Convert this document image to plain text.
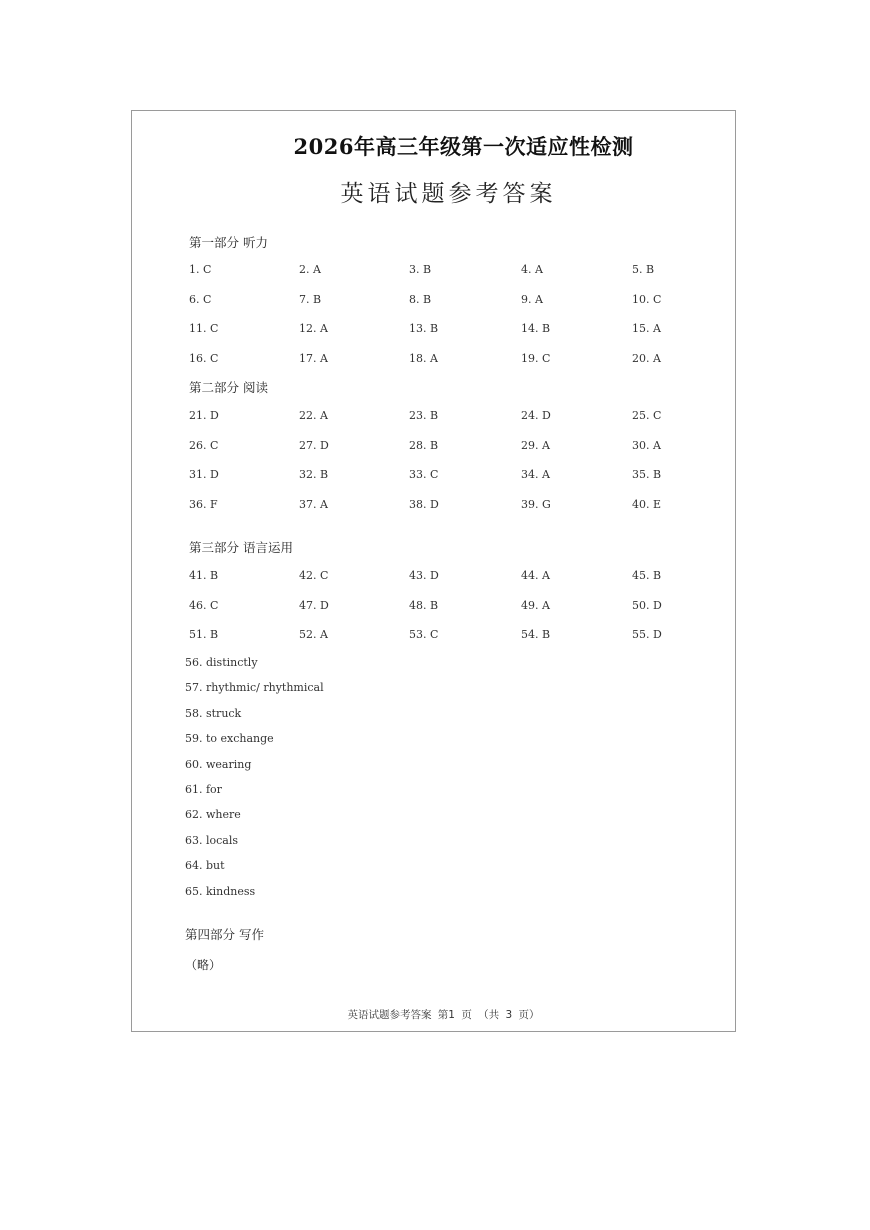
2026年高三年级第一次适应性检测
英语试题参考答案
第一部分 听力
1. C	2. A	3. B	4. A	5. B
6. C	7. B	8. B	9. A	10. C
11. C	12. A	13. B	14. B	15. A
16. C	17. A	18. A	19. C	20. A
第二部分 阅读
21. D	22. A	23. B	24. D	25. C
26. C	27. D	28. B	29. A	30. A
31. D	32. B	33. C	34. A	35. B
36. F	37. A	38. D	39. G	40. E
第三部分 语言运用
41. B	42. C	43. D	44. A	45. B
46. C	47. D	48. B	49. A	50. D
51. B	52. A	53. C	54. B	55. D
56. distinctly
57. rhythmic/ rhythmical
58. struck
59. to exchange
60. wearing
61. for
62. where
63. locals
64. but
65. kindness
第四部分 写作
（略）
英语试题参考答案 第1 页 （共 3 页）
